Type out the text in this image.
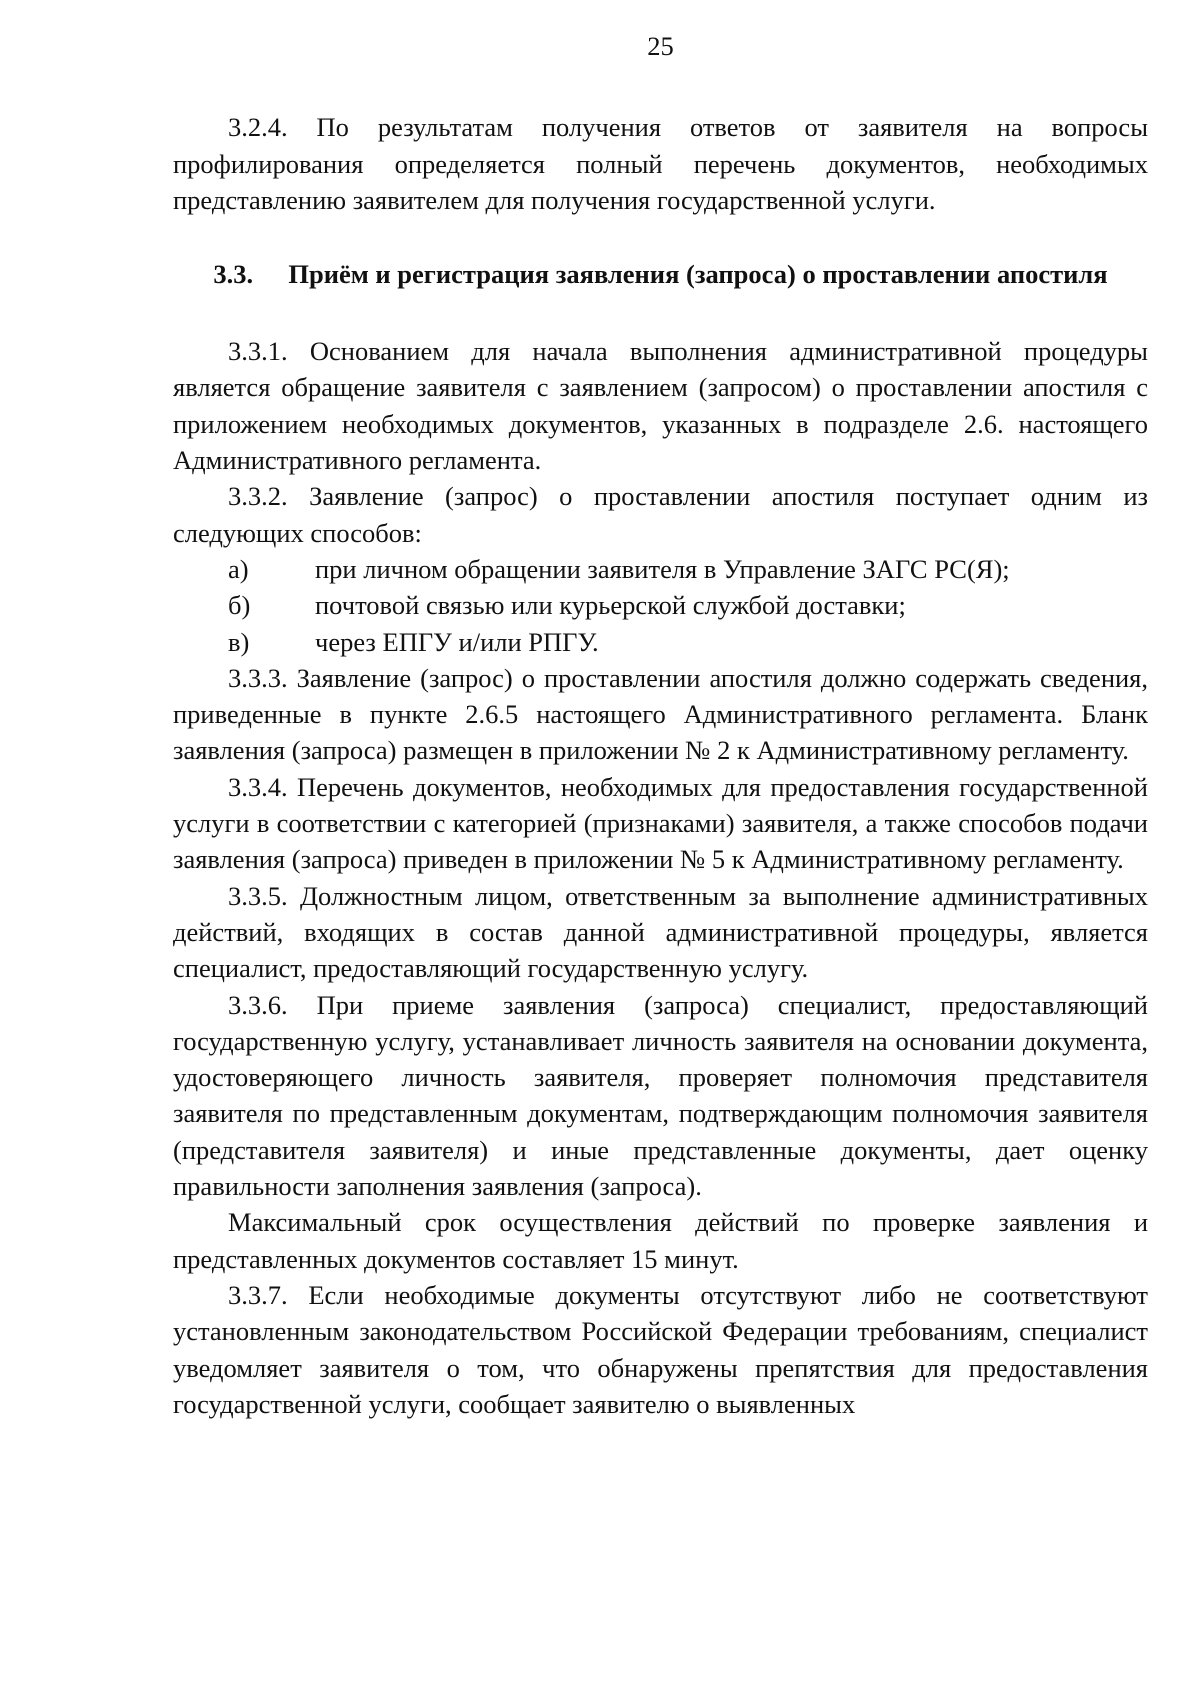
25

3.2.4. По результатам получения ответов от заявителя на вопросы профилирования определяется полный перечень документов, необходимых представлению заявителем для получения государственной услуги.

3.3. Приём и регистрация заявления (запроса) о проставлении апостиля

3.3.1. Основанием для начала выполнения административной процедуры является обращение заявителя с заявлением (запросом) о проставлении апостиля с приложением необходимых документов, указанных в подразделе 2.6. настоящего Административного регламента.

3.3.2. Заявление (запрос) о проставлении апостиля поступает одним из следующих способов:

а)	при личном обращении заявителя в Управление ЗАГС РС(Я);
б)	почтовой связью или курьерской службой доставки;
в)	через ЕПГУ и/или РПГУ.

3.3.3. Заявление (запрос) о проставлении апостиля должно содержать сведения, приведенные в пункте 2.6.5 настоящего Административного регламента. Бланк заявления (запроса) размещен в приложении № 2 к Административному регламенту.

3.3.4. Перечень документов, необходимых для предоставления государственной услуги в соответствии с категорией (признаками) заявителя, а также способов подачи заявления (запроса) приведен в приложении № 5 к Административному регламенту.

3.3.5. Должностным лицом, ответственным за выполнение административных действий, входящих в состав данной административной процедуры, является специалист, предоставляющий государственную услугу.

3.3.6. При приеме заявления (запроса) специалист, предоставляющий государственную услугу, устанавливает личность заявителя на основании документа, удостоверяющего личность заявителя, проверяет полномочия представителя заявителя по представленным документам, подтверждающим полномочия заявителя (представителя заявителя) и иные представленные документы, дает оценку правильности заполнения заявления (запроса).

Максимальный срок осуществления действий по проверке заявления и представленных документов составляет 15 минут.

3.3.7. Если необходимые документы отсутствуют либо не соответствуют установленным законодательством Российской Федерации требованиям, специалист уведомляет заявителя о том, что обнаружены препятствия для предоставления государственной услуги, сообщает заявителю о выявленных
